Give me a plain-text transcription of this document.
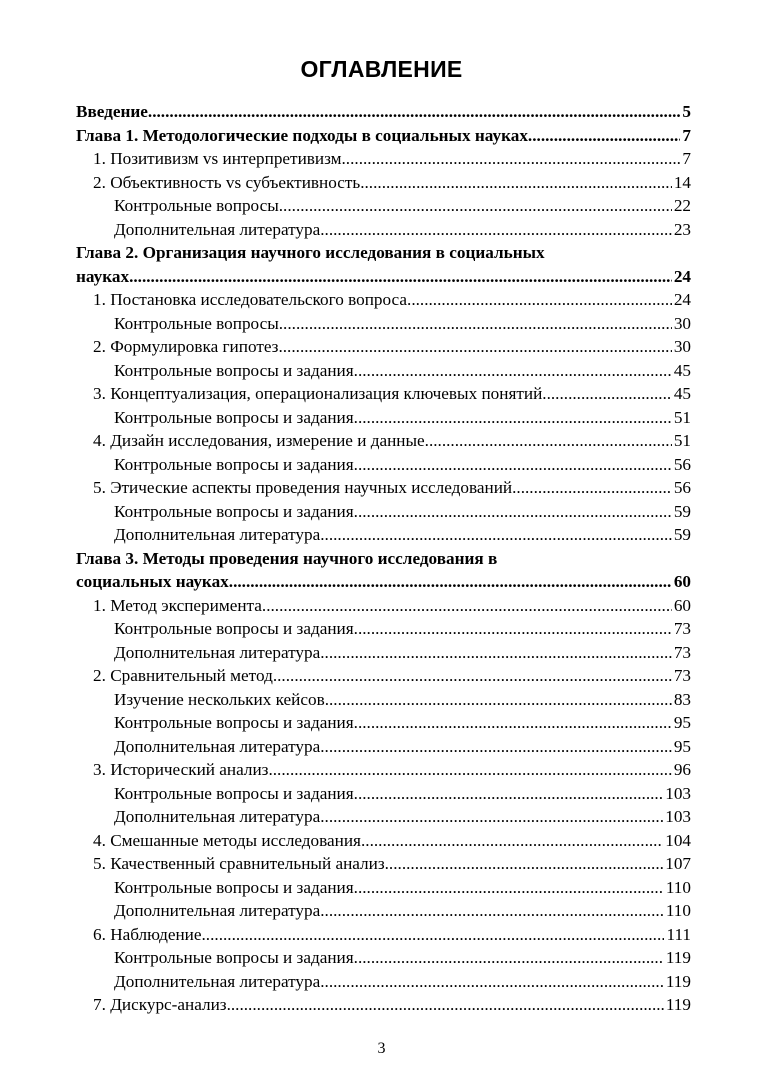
ОГЛАВЛЕНИЕ
Введение .....	5
Глава 1. Методологические подходы в социальных науках .....	7
1. Позитивизм vs интерпретивизм .....	7
2. Объективность vs субъективность .....	14
Контрольные вопросы .....	22
Дополнительная литература .....	23
Глава 2. Организация научного исследования в социальных
науках .....	24
1. Постановка исследовательского вопроса .....	24
Контрольные вопросы .....	30
2. Формулировка гипотез .....	30
Контрольные вопросы и задания .....	45
3. Концептуализация, операционализация ключевых понятий .....	45
Контрольные вопросы и задания .....	51
4. Дизайн исследования, измерение и данные .....	51
Контрольные вопросы и задания .....	56
5. Этические аспекты проведения научных исследований .....	56
Контрольные вопросы и задания .....	59
Дополнительная литература .....	59
Глава 3. Методы проведения научного исследования в
социальных науках .....	60
1. Метод эксперимента .....	60
Контрольные вопросы и задания .....	73
Дополнительная литература .....	73
2. Сравнительный метод .....	73
Изучение нескольких кейсов .....	83
Контрольные вопросы и задания .....	95
Дополнительная литература .....	95
3. Исторический анализ .....	96
Контрольные вопросы и задания .....	103
Дополнительная литература .....	103
4. Смешанные методы исследования .....	104
5. Качественный сравнительный анализ .....	107
Контрольные вопросы и задания .....	110
Дополнительная литература .....	110
6. Наблюдение .....	111
Контрольные вопросы и задания .....	119
Дополнительная литература .....	119
7. Дискурс-анализ .....	119
3
